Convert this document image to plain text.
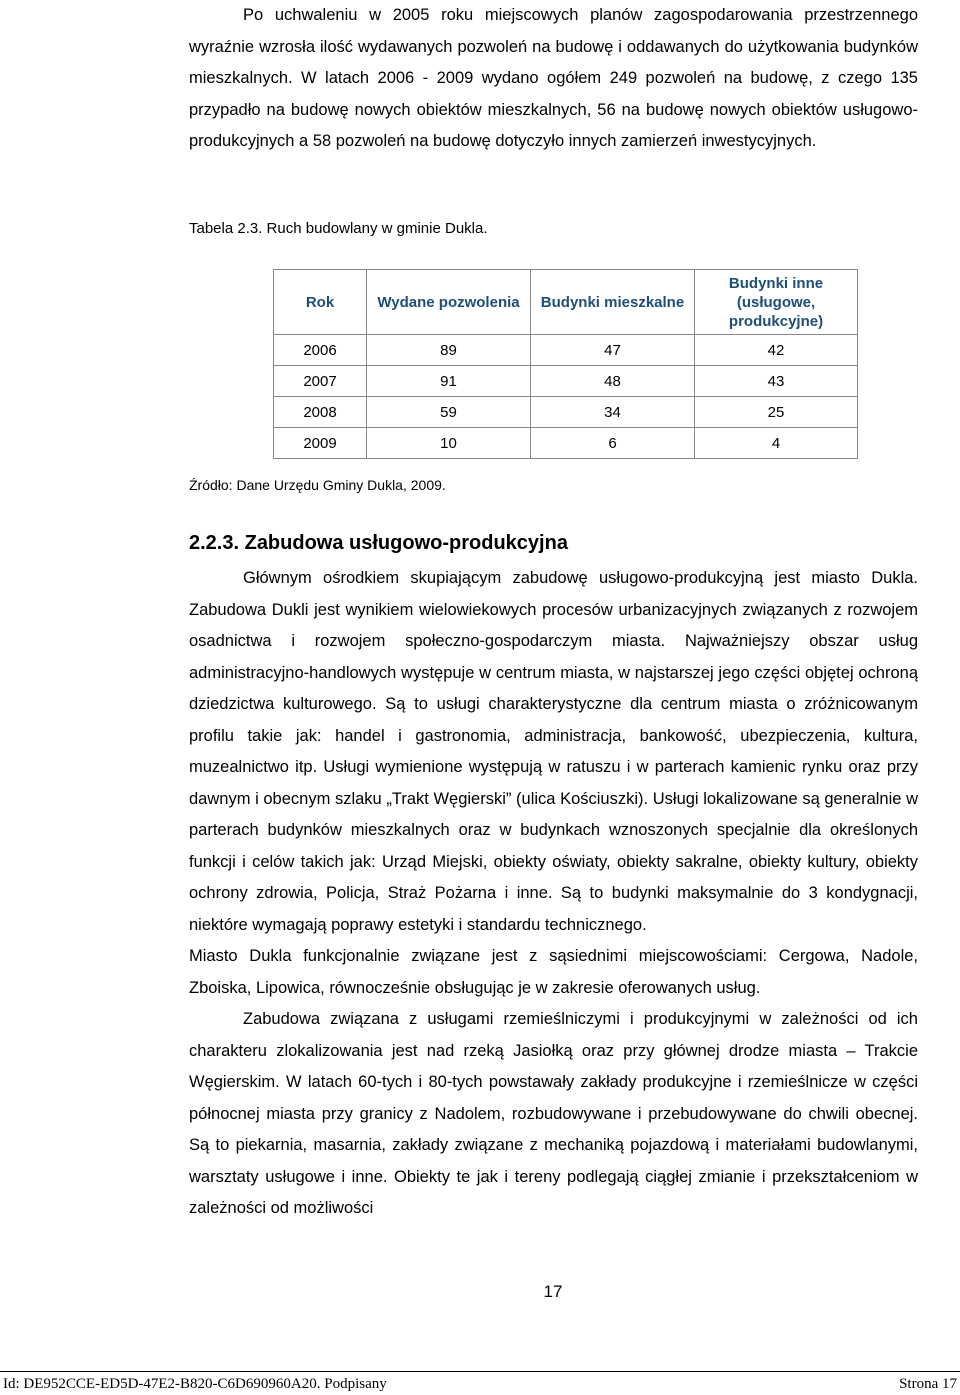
Po uchwaleniu w 2005 roku miejscowych planów zagospodarowania przestrzennego wyraźnie wzrosła ilość wydawanych pozwoleń na budowę i oddawanych do użytkowania budynków mieszkalnych. W latach 2006 - 2009 wydano ogółem 249 pozwoleń na budowę, z czego 135 przypadło na budowę nowych obiektów mieszkalnych, 56 na budowę nowych obiektów usługowo-produkcyjnych a 58 pozwoleń na budowę dotyczyło innych zamierzeń inwestycyjnych.

Tabela 2.3. Ruch budowlany w gminie Dukla.

Rok	Wydane pozwolenia	Budynki mieszkalne	Budynki inne (usługowe, produkcyjne)
2006	89	47	42
2007	91	48	43
2008	59	34	25
2009	10	6	4

Źródło: Dane Urzędu Gminy Dukla, 2009.

2.2.3. Zabudowa usługowo-produkcyjna

Głównym ośrodkiem skupiającym zabudowę usługowo-produkcyjną jest miasto Dukla. Zabudowa Dukli jest wynikiem wielowiekowych procesów urbanizacyjnych związanych z rozwojem osadnictwa i rozwojem społeczno-gospodarczym miasta. Najważniejszy obszar usług administracyjno-handlowych występuje w centrum miasta, w najstarszej jego części objętej ochroną dziedzictwa kulturowego. Są to usługi charakterystyczne dla centrum miasta o zróżnicowanym profilu takie jak: handel i gastronomia, administracja, bankowość, ubezpieczenia, kultura, muzealnictwo itp. Usługi wymienione występują w ratuszu i w parterach kamienic rynku oraz przy dawnym i obecnym szlaku „Trakt Węgierski” (ulica Kościuszki). Usługi lokalizowane są generalnie w parterach budynków mieszkalnych oraz w budynkach wznoszonych specjalnie dla określonych funkcji i celów takich jak: Urząd Miejski, obiekty oświaty, obiekty sakralne, obiekty kultury, obiekty ochrony zdrowia, Policja, Straż Pożarna i inne. Są to budynki maksymalnie do 3 kondygnacji, niektóre wymagają poprawy estetyki i standardu technicznego.

Miasto Dukla funkcjonalnie związane jest z sąsiednimi miejscowościami: Cergowa, Nadole, Zboiska, Lipowica, równocześnie obsługując je w zakresie oferowanych usług.

Zabudowa związana z usługami rzemieślniczymi i produkcyjnymi w zależności od ich charakteru zlokalizowania jest nad rzeką Jasiołką oraz przy głównej drodze miasta – Trakcie Węgierskim. W latach 60-tych i 80-tych powstawały zakłady produkcyjne i rzemieślnicze w części północnej miasta przy granicy z Nadolem, rozbudowywane i przebudowywane do chwili obecnej. Są to piekarnia, masarnia, zakłady związane z mechaniką pojazdową i materiałami budowlanymi, warsztaty usługowe i inne. Obiekty te jak i tereny podlegają ciągłej zmianie i przekształceniom w zależności od możliwości

17
Id: DE952CCE-ED5D-47E2-B820-C6D690960A20. Podpisany	Strona 17
